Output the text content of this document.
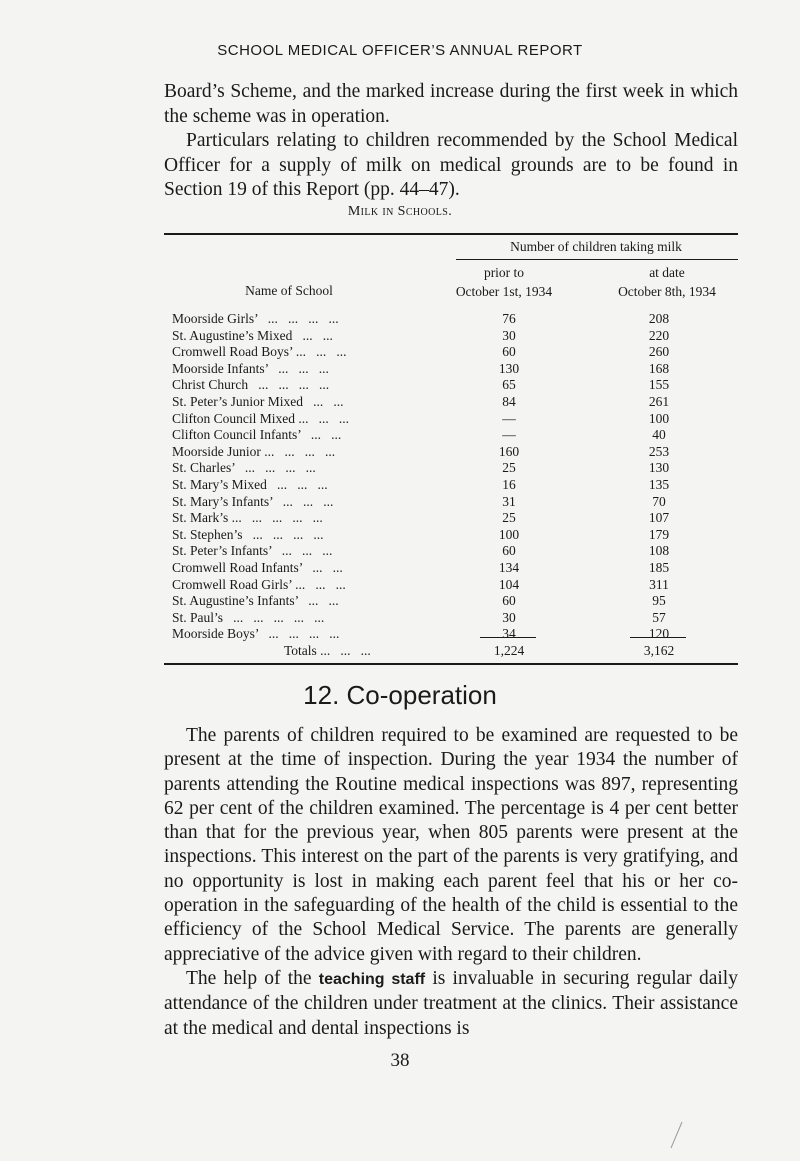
SCHOOL MEDICAL OFFICER’S ANNUAL REPORT

Board’s Scheme, and the marked increase during the first week in which the scheme was in operation.

Particulars relating to children recommended by the School Medical Officer for a supply of milk on medical grounds are to be found in Section 19 of this Report (pp. 44–47).

Milk in Schools.
Number of children taking milk
Name of School
prior to
October 1st, 1934
at date
October 8th, 1934
Moorside Girls’   ...   ...   ...   ...	76	208
St. Augustine’s Mixed   ...   ...	30	220
Cromwell Road Boys’ ...   ...   ...	60	260
Moorside Infants’   ...   ...   ...	130	168
Christ Church   ...   ...   ...   ...	65	155
St. Peter’s Junior Mixed   ...   ...	84	261
Clifton Council Mixed ...   ...   ...	—	100
Clifton Council Infants’   ...   ...	—	40
Moorside Junior ...   ...   ...   ...	160	253
St. Charles’   ...   ...   ...   ...	25	130
St. Mary’s Mixed   ...   ...   ...	16	135
St. Mary’s Infants’   ...   ...   ...	31	70
St. Mark’s ...   ...   ...   ...   ...	25	107
St. Stephen’s   ...   ...   ...   ...	100	179
St. Peter’s Infants’   ...   ...   ...	60	108
Cromwell Road Infants’   ...   ...	134	185
Cromwell Road Girls’ ...   ...   ...	104	311
St. Augustine’s Infants’   ...   ...	60	95
St. Paul’s   ...   ...   ...   ...   ...	30	57
Moorside Boys’   ...   ...   ...   ...	34	120
Totals ...   ...   ...	1,224	3,162
12. Co-operation

The parents of children required to be examined are requested to be present at the time of inspection. During the year 1934 the number of parents attending the Routine medical inspections was 897, representing 62 per cent of the children examined. The percentage is 4 per cent better than that for the previous year, when 805 parents were present at the inspections. This interest on the part of the parents is very gratifying, and no opportunity is lost in making each parent feel that his or her co-operation in the safeguarding of the health of the child is essential to the efficiency of the School Medical Service. The parents are generally appreciative of the advice given with regard to their children.

The help of the teaching staff is invaluable in securing regular daily attendance of the children under treatment at the clinics. Their assistance at the medical and dental inspections is

38
